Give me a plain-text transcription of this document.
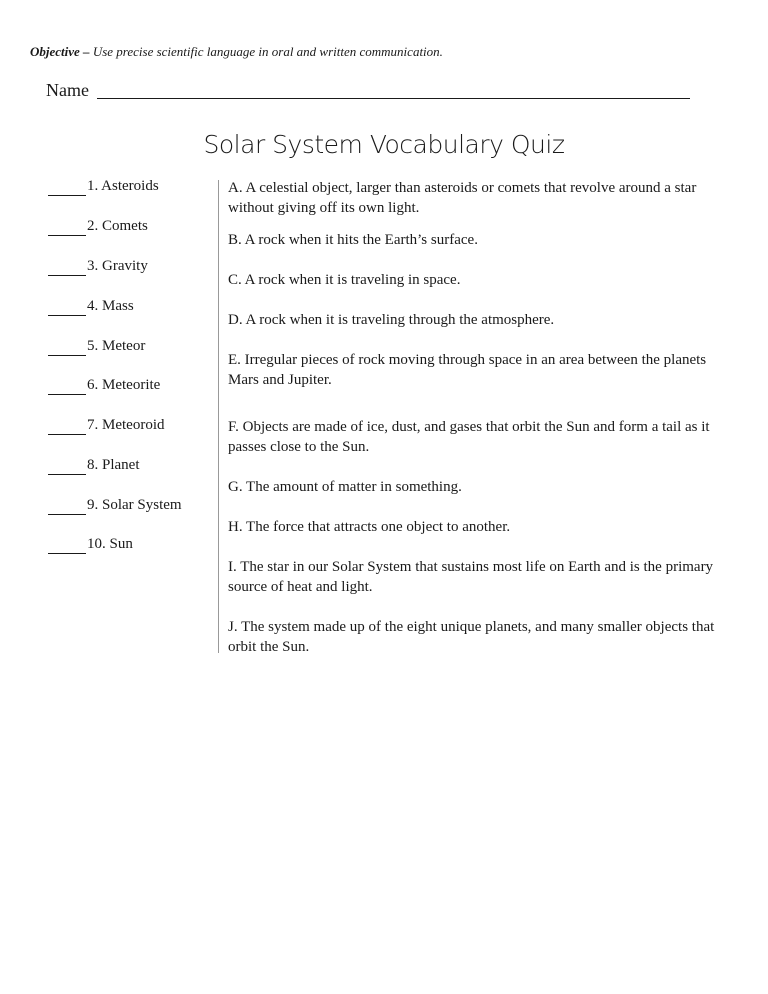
Objective – Use precise scientific language in oral and written communication.
Name
Solar System Vocabulary Quiz
1. Asteroids
2. Comets
3. Gravity
4. Mass
5. Meteor
6. Meteorite
7. Meteoroid
8. Planet
9. Solar System
10. Sun
A. A celestial object, larger than asteroids or comets that revolve around a star without giving off its own light.
B. A rock when it hits the Earth’s surface.
C. A rock when it is traveling in space.
D. A rock when it is traveling through the atmosphere.
E. Irregular pieces of rock moving through space in an area between the planets Mars and Jupiter.
F. Objects are made of ice, dust, and gases that orbit the Sun and form a tail as it passes close to the Sun.
G. The amount of matter in something.
H. The force that attracts one object to another.
I. The star in our Solar System that sustains most life on Earth and is the primary source of heat and light.
J. The system made up of the eight unique planets, and many smaller objects that orbit the Sun.
